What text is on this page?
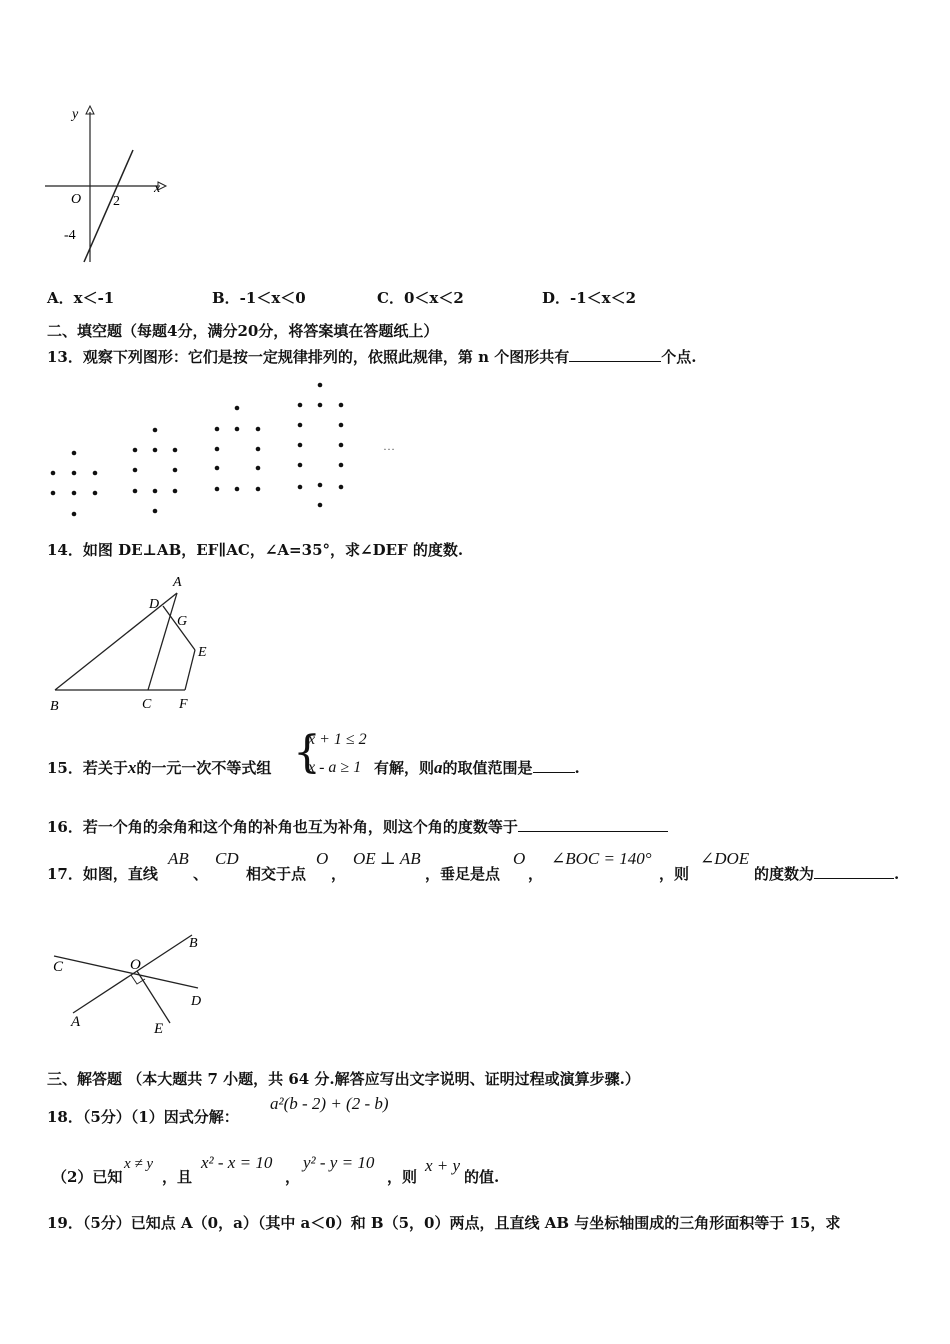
y
x
O 2
-4
A．x＜-1	B．-1＜x＜0	C．0＜x＜2	D．-1＜x＜2
二、填空题（每题4分，满分20分，将答案填在答题纸上）
13．观察下列图形：它们是按一定规律排列的，依照此规律，第 n 个图形共有	个点.
…
14．如图 DE⊥AB，EF∥AC，∠A=35°，求∠DEF 的度数.
A
D
G
E
B	C F
15．若关于x的一元一次不等式组 {
x + 1 ≤ 2
x - a ≥ 1 有解，则a的取值范围是	.
16．若一个角的余角和这个角的补角也互为补角，则这个角的度数等于
17．如图，直线
AB
、
CD
相交于点
O
，
OE ⊥ AB
，垂足是点
O
，
∠BOC = 140°
，则
∠DOE
的度数为	.
C	O
B
D
A	E
三、解答题 （本大题共 7 小题，共 64 分.解答应写出文字说明、证明过程或演算步骤.）
18．（5分）（1）因式分解：
a²(b - 2) + (2 - b)
（2）已知
x ≠ y
，且
x² - x = 10
，
y² - y = 10
，则
x + y
的值.
19．（5分）已知点 A（0，a）（其中 a＜0）和 B（5，0）两点，且直线 AB 与坐标轴围成的三角形面积等于 15，求
